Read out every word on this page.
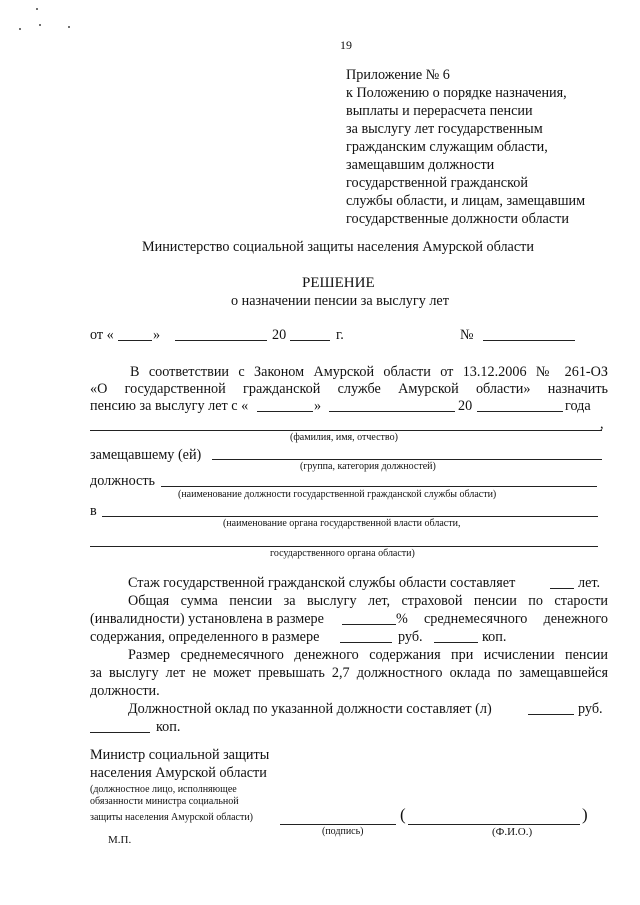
19
Приложение № 6
к Положению о порядке назначения,
выплаты и перерасчета пенсии
за выслугу лет государственным
гражданским служащим области,
замещавшим должности
государственной гражданской
службы области, и лицам, замещавшим
государственные должности области
Министерство социальной защиты населения Амурской области
РЕШЕНИЕ
о назначении пенсии за выслугу лет
от «	»	20	г.	№
В соответствии с Законом Амурской области от 13.12.2006 № 261-ОЗ
«О государственной гражданской службе Амурской области» назначить
пенсию за выслугу лет с «	»	20	года
,
(фамилия, имя, отчество)
замещавшему (ей)
(группа, категория должностей)
должность
(наименование должности государственной гражданской службы области)
в
(наименование органа государственной власти области,
государственного органа области)
Стаж государственной гражданской службы области составляет	лет.
Общая сумма пенсии за выслугу лет, страховой пенсии по старости
(инвалидности) установлена в размере	% среднемесячного денежного
содержания, определенного в размере	руб.	коп.
Размер среднемесячного денежного содержания при исчислении пенсии
за выслугу лет не может превышать 2,7 должностного оклада по замещавшейся
должности.
Должностной оклад по указанной должности составляет (л)	руб.
коп.
Министр социальной защиты
населения Амурской области
(должностное лицо, исполняющее
обязанности министра социальной
защиты населения Амурской области)	(	)
М.П.
(подпись)	(Ф.И.О.)
